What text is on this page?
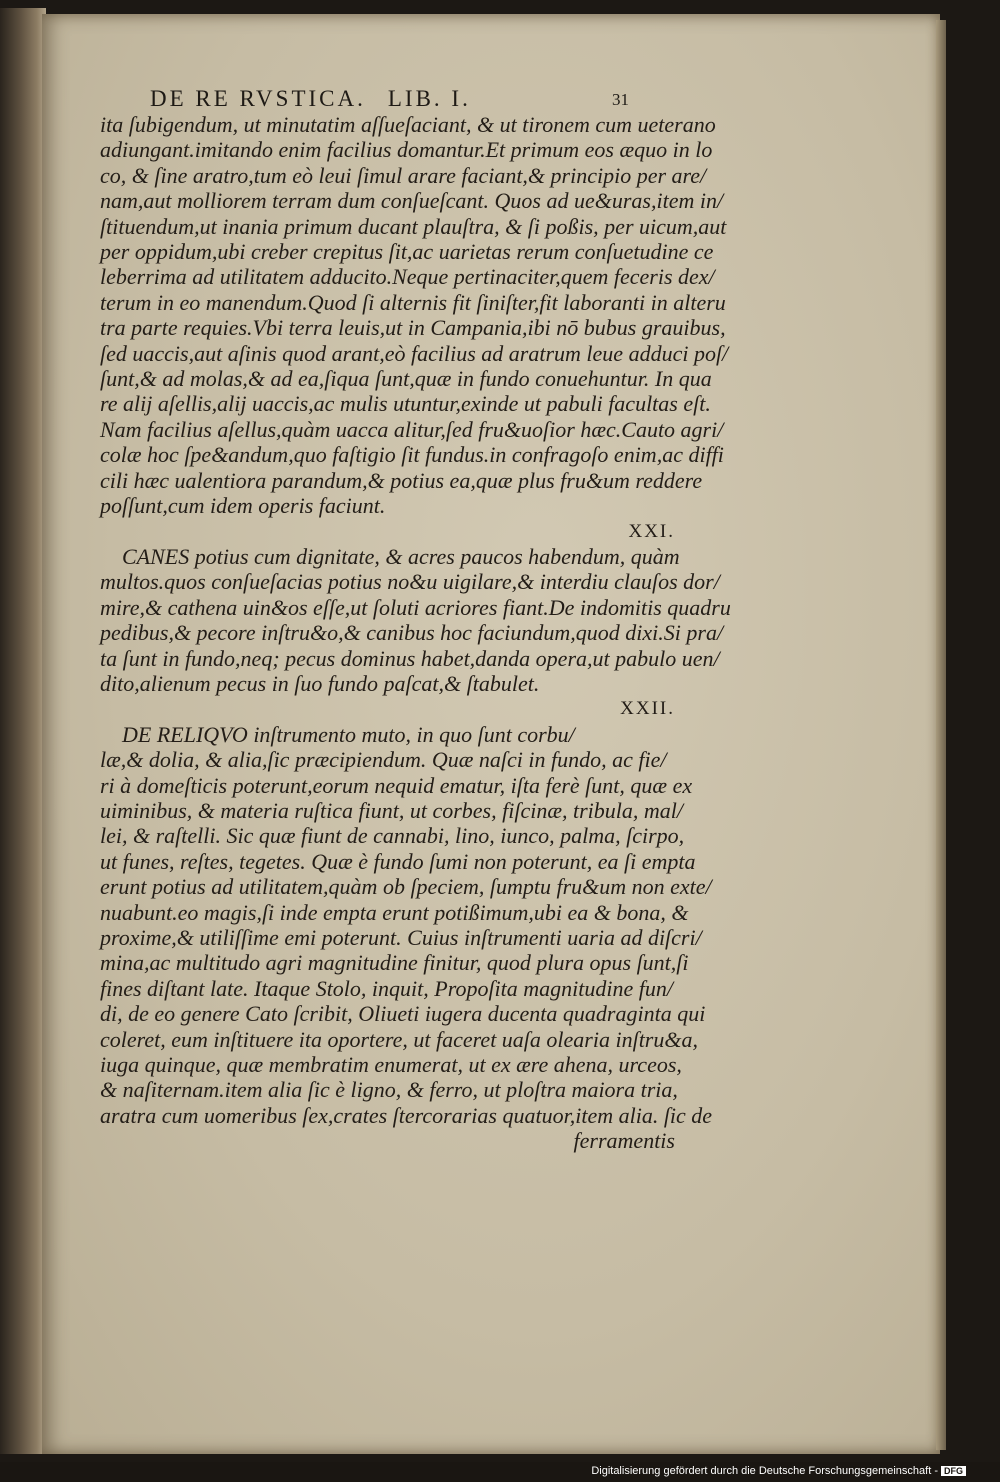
DE RE RVSTICA. LIB. I.	31
ita ſubigendum, ut minutatim aſſueſaciant, & ut tironem cum ueterano
adiungant.imitando enim facilius domantur.Et primum eos æquo in lo
co, & ſine aratro,tum eò leui ſimul arare faciant,& principio per are/
nam,aut molliorem terram dum conſueſcant. Quos ad ue&uras,item in/
ſtituendum,ut inania primum ducant plauſtra, & ſi poßis, per uicum,aut
per oppidum,ubi creber crepitus ſit,ac uarietas rerum conſuetudine ce
leberrima ad utilitatem adducito.Neque pertinaciter,quem feceris dex/
terum in eo manendum.Quod ſi alternis fit ſiniſter,fit laboranti in alteru
tra parte requies.Vbi terra leuis,ut in Campania,ibi nō bubus grauibus,
ſed uaccis,aut aſinis quod arant,eò facilius ad aratrum leue adduci poſ/
ſunt,& ad molas,& ad ea,ſiqua ſunt,quæ in fundo conuehuntur. In qua
re alij aſellis,alij uaccis,ac mulis utuntur,exinde ut pabuli facultas eſt.
Nam facilius aſellus,quàm uacca alitur,ſed fru&uoſior hæc.Cauto agri/
colæ hoc ſpe&andum,quo faſtigio ſit fundus.in confragoſo enim,ac diffi
cili hæc ualentiora parandum,& potius ea,quæ plus fru&um reddere
poſſunt,cum idem operis faciunt.
XXI.
CANES potius cum dignitate, & acres paucos habendum, quàm
multos.quos conſueſacias potius no&u uigilare,& interdiu clauſos dor/
mire,& cathena uin&os eſſe,ut ſoluti acriores fiant.De indomitis quadru
pedibus,& pecore inſtru&o,& canibus hoc faciundum,quod dixi.Si pra/
ta ſunt in fundo,neq; pecus dominus habet,danda opera,ut pabulo uen/
dito,alienum pecus in ſuo fundo paſcat,& ſtabulet.
XXII.
DE RELIQVO inſtrumento muto, in quo ſunt corbu/
læ,& dolia, & alia,ſic præcipiendum. Quæ naſci in fundo, ac fie/
ri à domeſticis poterunt,eorum nequid ematur, iſta ferè ſunt, quæ ex
uiminibus, & materia ruſtica fiunt, ut corbes, fiſcinæ, tribula, mal/
lei, & raſtelli. Sic quæ fiunt de cannabi, lino, iunco, palma, ſcirpo,
ut funes, reſtes, tegetes. Quæ è fundo ſumi non poterunt, ea ſi empta
erunt potius ad utilitatem,quàm ob ſpeciem, ſumptu fru&um non exte/
nuabunt.eo magis,ſi inde empta erunt potißimum,ubi ea & bona, &
proxime,& utiliſſime emi poterunt. Cuius inſtrumenti uaria ad diſcri/
mina,ac multitudo agri magnitudine finitur, quod plura opus ſunt,ſi
fines diſtant late. Itaque Stolo, inquit, Propoſita magnitudine fun/
di, de eo genere Cato ſcribit, Olіueti iugera ducenta quadraginta qui
coleret, eum inſtituere ita oportere, ut faceret uaſa olearia inſtru&a,
iuga quinque, quæ membratim enumerat, ut ex ære ahena, urceos,
& naſiternam.item alia ſic è ligno, & ferro, ut ploſtra maiora tria,
aratra cum uomeribus ſex,crates ſtercorarias quatuor,item alia. ſic de
ferramentis
Digitalisierung gefördert durch die Deutsche Forschungsgemeinschaft - DFG
